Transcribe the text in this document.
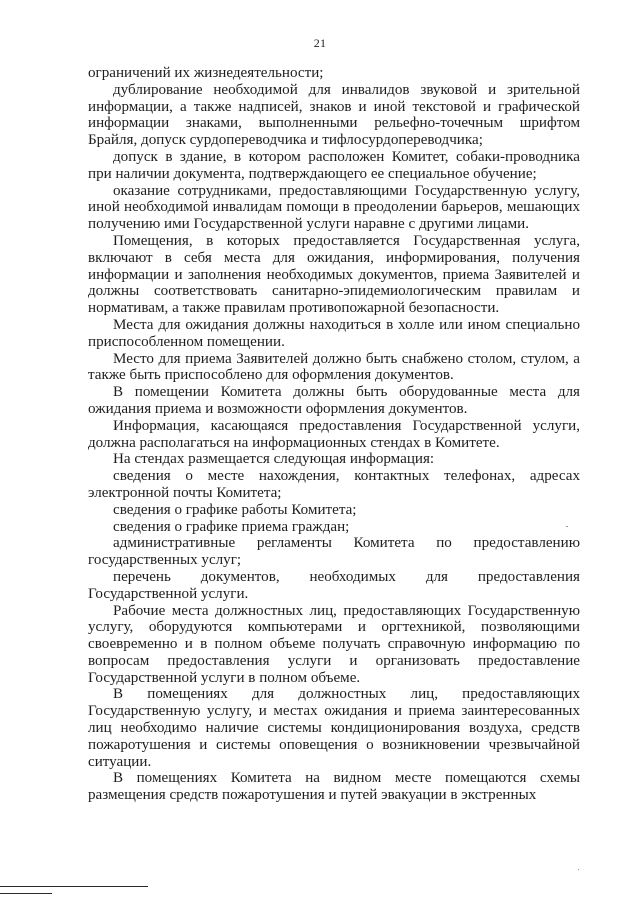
21

ограничений их жизнедеятельности;

дублирование необходимой для инвалидов звуковой и зрительной информации, а также надписей, знаков и иной текстовой и графической информации знаками, выполненными рельефно-точечным шрифтом Брайля, допуск сурдопереводчика и тифлосурдопереводчика;

допуск в здание, в котором расположен Комитет, собаки-проводника при наличии документа, подтверждающего ее специальное обучение;

оказание сотрудниками, предоставляющими Государственную услугу, иной необходимой инвалидам помощи в преодолении барьеров, мешающих получению ими Государственной услуги наравне с другими лицами.

Помещения, в которых предоставляется Государственная услуга, включают в себя места для ожидания, информирования, получения информации и заполнения необходимых документов, приема Заявителей и должны соответствовать санитарно-эпидемиологическим правилам и нормативам, а также правилам противопожарной безопасности.

Места для ожидания должны находиться в холле или ином специально приспособленном помещении.

Место для приема Заявителей должно быть снабжено столом, стулом, а также быть приспособлено для оформления документов.

В помещении Комитета должны быть оборудованные места для ожидания приема и возможности оформления документов.

Информация, касающаяся предоставления Государственной услуги, должна располагаться на информационных стендах в Комитете.

На стендах размещается следующая информация:

сведения о месте нахождения, контактных телефонах, адресах электронной почты Комитета;

сведения о графике работы Комитета;

сведения о графике приема граждан;

административные регламенты Комитета по предоставлению государственных услуг;

перечень документов, необходимых для предоставления Государственной услуги.

Рабочие места должностных лиц, предоставляющих Государственную услугу, оборудуются компьютерами и оргтехникой, позволяющими своевременно и в полном объеме получать справочную информацию по вопросам предоставления услуги и организовать предоставление Государственной услуги в полном объеме.

В помещениях для должностных лиц, предоставляющих Государственную услугу, и местах ожидания и приема заинтересованных лиц необходимо наличие системы кондиционирования воздуха, средств пожаротушения и системы оповещения о возникновении чрезвычайной ситуации.

В помещениях Комитета на видном месте помещаются схемы размещения средств пожаротушения и путей эвакуации в экстренных
